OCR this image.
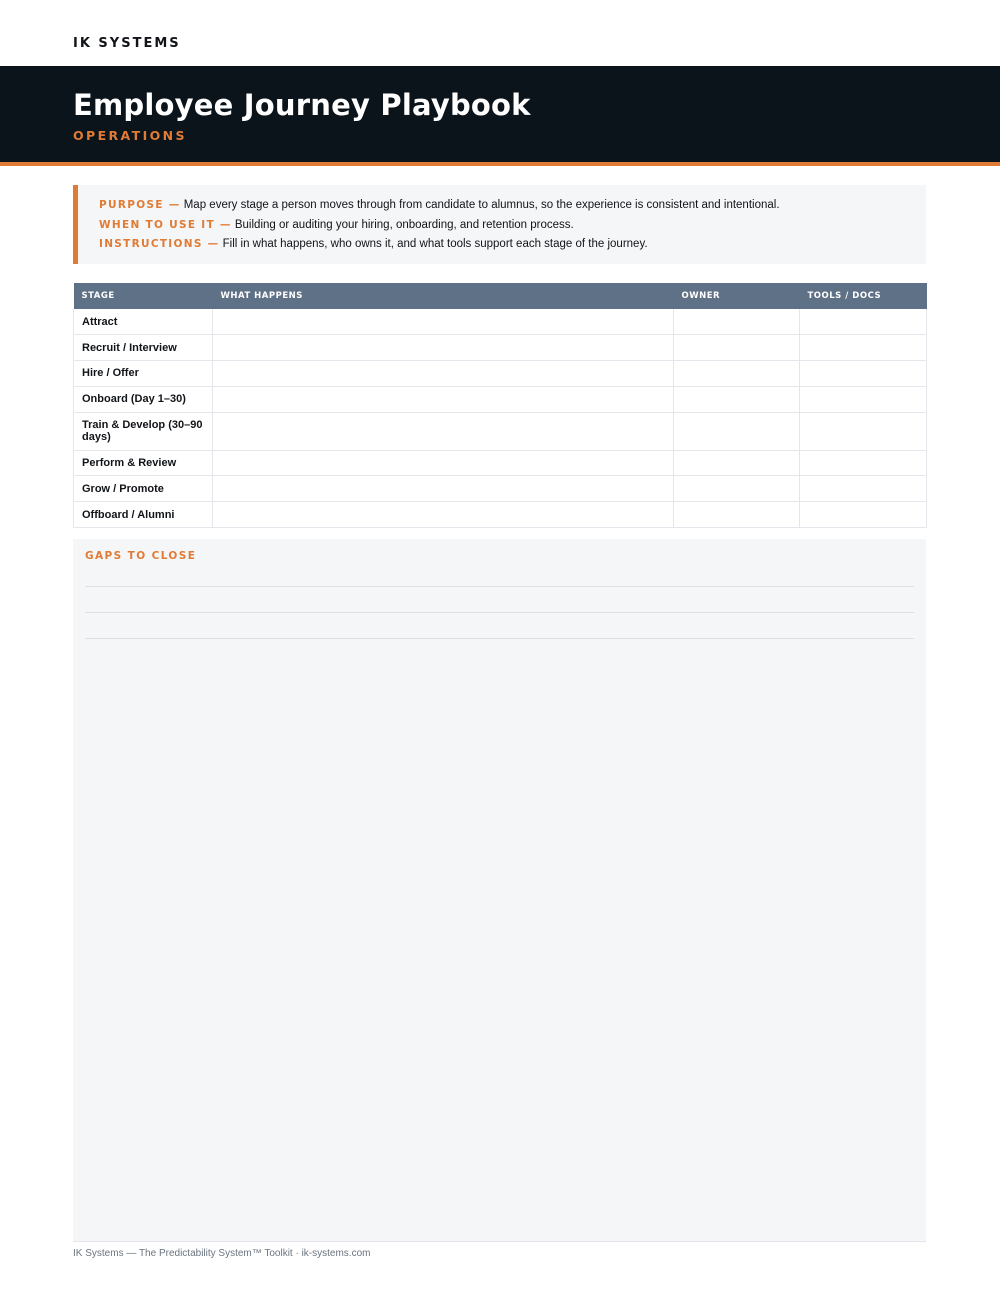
IK SYSTEMS
Employee Journey Playbook
OPERATIONS
PURPOSE — Map every stage a person moves through from candidate to alumnus, so the experience is consistent and intentional.
WHEN TO USE IT — Building or auditing your hiring, onboarding, and retention process.
INSTRUCTIONS — Fill in what happens, who owns it, and what tools support each stage of the journey.
STAGE	WHAT HAPPENS	OWNER	TOOLS / DOCS
Attract			
Recruit / Interview			
Hire / Offer			
Onboard (Day 1–30)			
Train & Develop (30–90 days)			
Perform & Review			
Grow / Promote			
Offboard / Alumni			
GAPS TO CLOSE
IK Systems — The Predictability System™ Toolkit · ik-systems.com
